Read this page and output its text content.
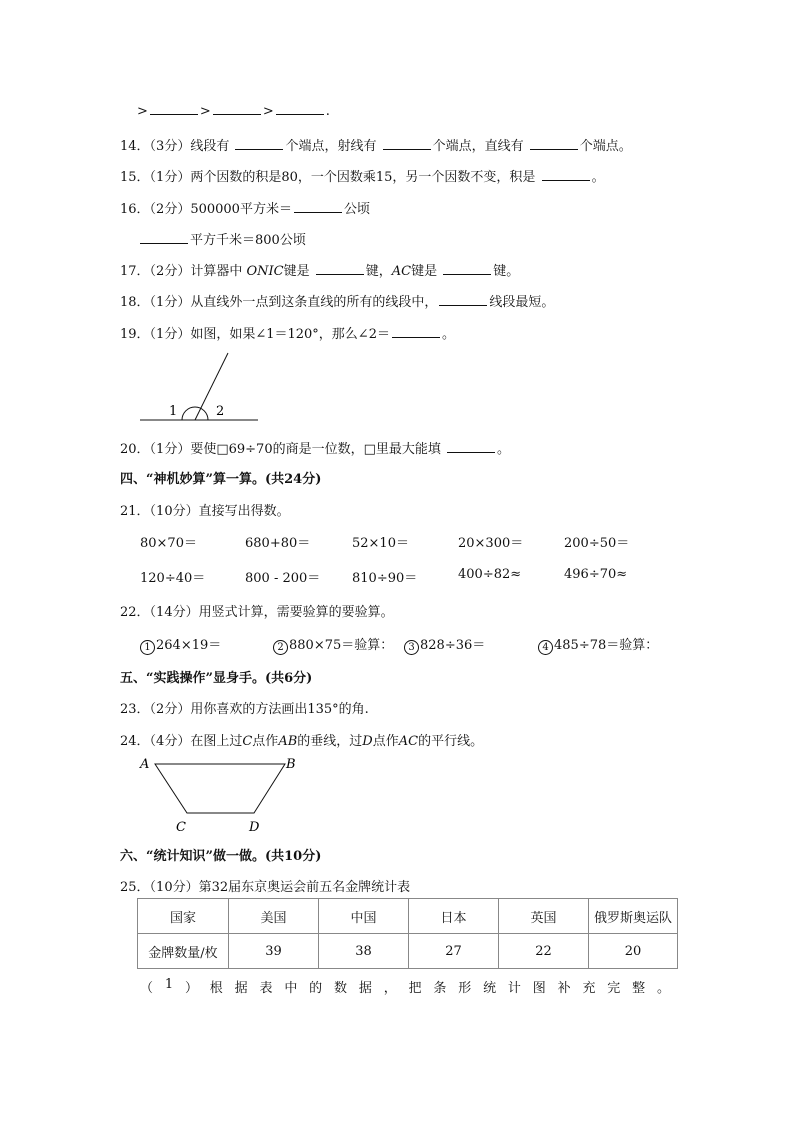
>	>	>	.
14．（3分）线段有	个端点，射线有	个端点，直线有	个端点。
15．（1分）两个因数的积是80，一个因数乘15，另一个因数不变，积是	。
16．（2分）500000平方米＝	公顷
平方千米＝800公顷
17．（2分）计算器中 ONIC键是	键，AC键是	键。
18．（1分）从直线外一点到这条直线的所有的线段中，	线段最短。
19．（1分）如图，如果∠1＝120°，那么∠2＝	。
1	2
20．（1分）要使□69÷70的商是一位数，□里最大能填	。
四、“神机妙算”算一算。(共24分)
21．（10分）直接写出得数。
80×70＝	680+80＝	52×10＝	20×300＝	200÷50＝
120÷40＝	800 - 200＝ 810÷90＝	400÷82≈	496÷70≈
22．（14分）用竖式计算，需要验算的要验算。
1 264×19＝	2 880×75＝验算：	3 828÷36＝	4 485÷78＝验算：
五、“实践操作”显身手。(共6分)
23．（2分）用你喜欢的方法画出135°的角.
24．（4分）在图上过C点作AB的垂线，过D点作AC的平行线。
A	B
C	D
六、“统计知识”做一做。(共10分)
25．（10分）第32届东京奥运会前五名金牌统计表
国家	美国	中国	日本	英国	俄罗斯奥运队
金牌数量/枚	39	38	27	22	20
（ 1 ） 根 据 表 中 的 数 据 ， 把 条 形 统 计 图 补 充 完 整 。
